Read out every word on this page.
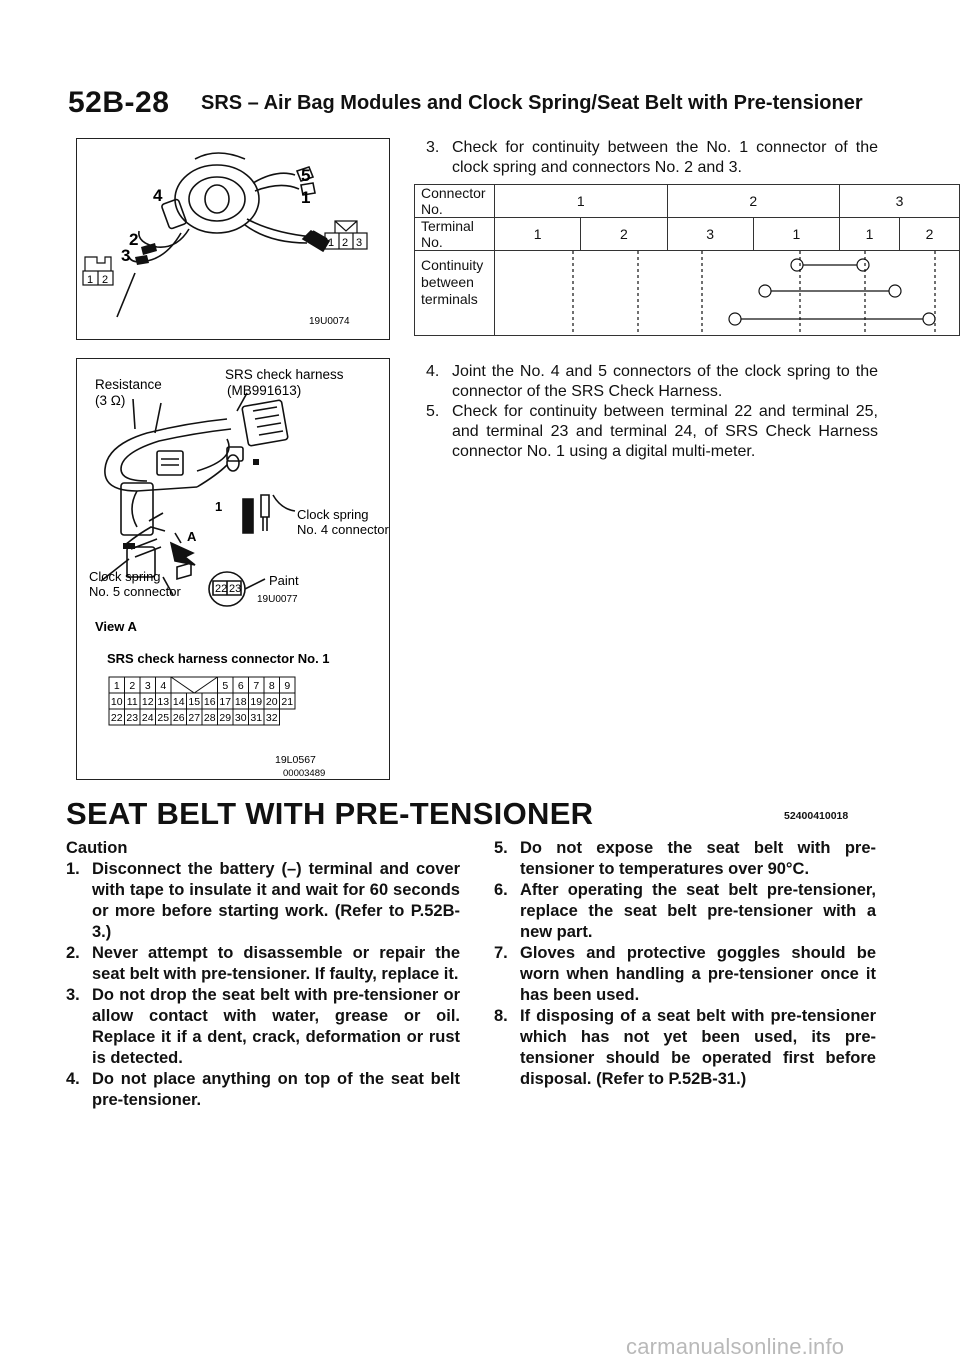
52B-28 SRS – Air Bag Modules and Clock Spring/Seat Belt with Pre-tensioner
4
5
1
2
3
1 2 3
1 2
19U0074
Resistance
(3 Ω)
SRS check harness
(MB991613)
1
A
Clock spring
No. 4 connector
Clock spring
No. 5 connector	22 23
Paint
19U0077
View A
SRS check harness connector No. 1
1 2 3 4	5 6 7 8 9
10 11 12 13 14 15 16 17 18 19 20 21
22 23 24 25 26 27 28 29 30 31 32
19L0567
00003489
3. Check for continuity between the No. 1 connector of the clock spring and connectors No. 2 and 3.
Connector No.	1		2		3	
Terminal No.	1	2	3	1	1	2
Continuity between
terminals	
4. Joint the No. 4 and 5 connectors of the clock spring to the connector of the SRS Check Harness.
5. Check for continuity between terminal 22 and terminal 25, and terminal 23 and terminal 24, of SRS Check Harness connector No. 1 using a digital multi-meter.
SEAT BELT WITH PRE-TENSIONER	52400410018
Caution
1. Disconnect the battery (–) terminal and cover with tape to insulate it and wait for 60 seconds or more before starting work. (Refer to P.52B-3.)
2. Never attempt to disassemble or repair the seat belt with pre-tensioner. If faulty, replace it.
3. Do not drop the seat belt with pre-tensioner or allow contact with water, grease or oil. Replace it if a dent, crack, deformation or rust is detected.
4. Do not place anything on top of the seat belt pre-tensioner.
5. Do not expose the seat belt with pre-tensioner to temperatures over 90°C.
6. After operating the seat belt pre-tensioner, replace the seat belt pre-tensioner with a new part.
7. Gloves and protective goggles should be worn when handling a pre-tensioner once it has been used.
8. If disposing of a seat belt with pre-tensioner which has not yet been used, its pre-tensioner should be operated first before disposal. (Refer to P.52B-31.)
carmanualsonline.info
